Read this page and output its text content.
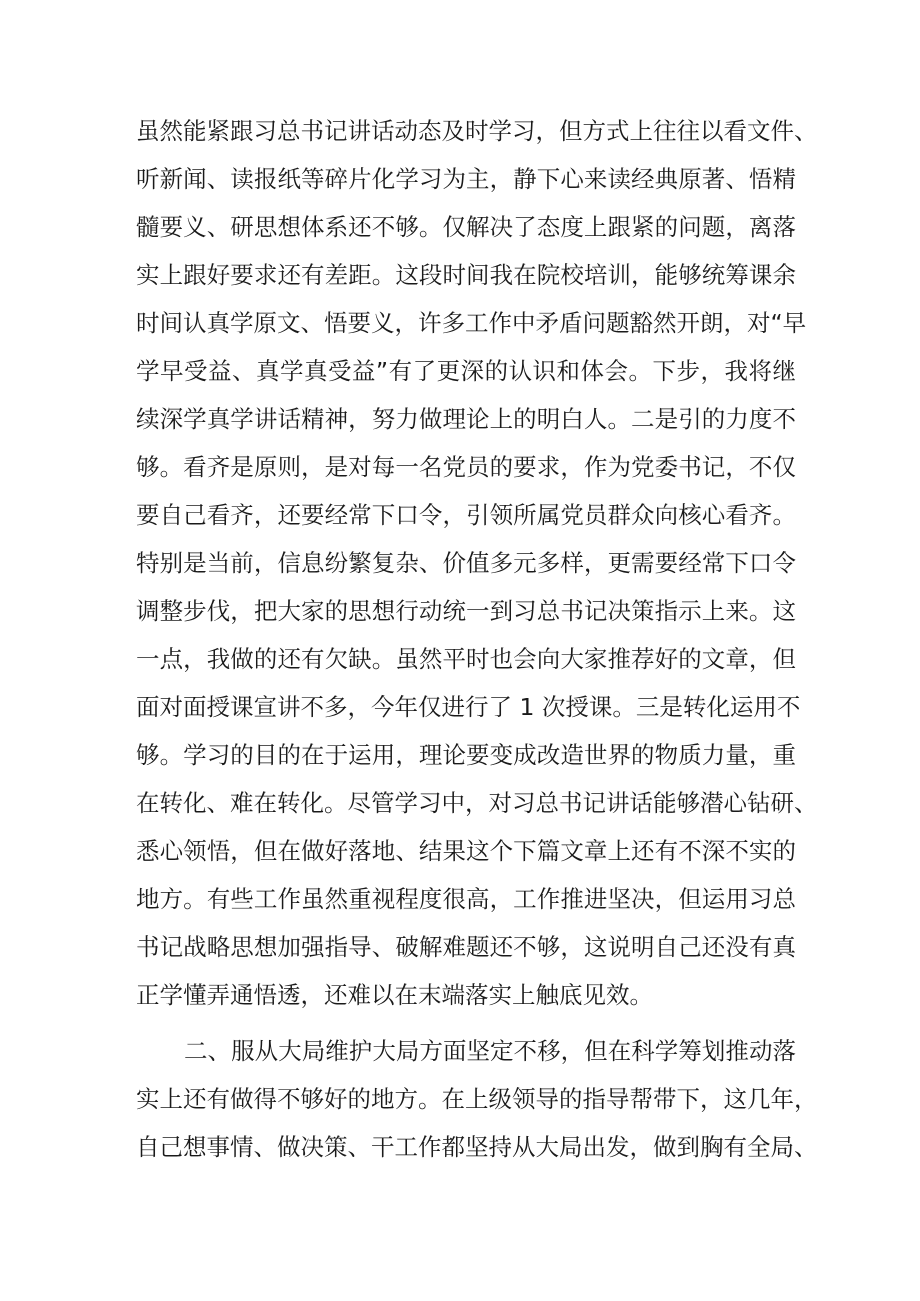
虽然能紧跟习总书记讲话动态及时学习，但方式上往往以看文件、
听新闻、读报纸等碎片化学习为主，静下心来读经典原著、悟精
髓要义、研思想体系还不够。仅解决了态度上跟紧的问题，离落
实上跟好要求还有差距。这段时间我在院校培训，能够统筹课余
时间认真学原文、悟要义，许多工作中矛盾问题豁然开朗，对“早
学早受益、真学真受益”有了更深的认识和体会。下步，我将继
续深学真学讲话精神，努力做理论上的明白人。二是引的力度不
够。看齐是原则，是对每一名党员的要求，作为党委书记，不仅
要自己看齐，还要经常下口令，引领所属党员群众向核心看齐。
特别是当前，信息纷繁复杂、价值多元多样，更需要经常下口令
调整步伐，把大家的思想行动统一到习总书记决策指示上来。这
一点，我做的还有欠缺。虽然平时也会向大家推荐好的文章，但
面对面授课宣讲不多，今年仅进行了 1 次授课。三是转化运用不
够。学习的目的在于运用，理论要变成改造世界的物质力量，重
在转化、难在转化。尽管学习中，对习总书记讲话能够潜心钻研、
悉心领悟，但在做好落地、结果这个下篇文章上还有不深不实的
地方。有些工作虽然重视程度很高，工作推进坚决，但运用习总
书记战略思想加强指导、破解难题还不够，这说明自己还没有真
正学懂弄通悟透，还难以在末端落实上触底见效。
二、服从大局维护大局方面坚定不移，但在科学筹划推动落
实上还有做得不够好的地方。在上级领导的指导帮带下，这几年，
自己想事情、做决策、干工作都坚持从大局出发，做到胸有全局、
